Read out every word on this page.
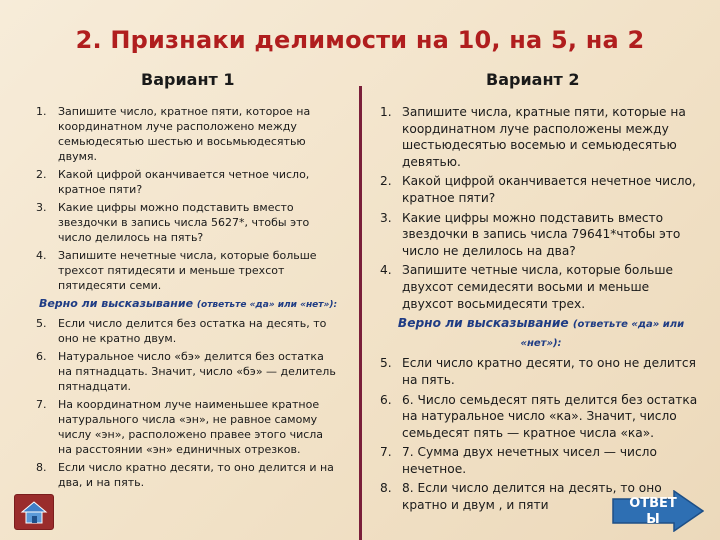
2. Признаки делимости на 10, на 5, на 2
Вариант 1	Вариант 2
1.	Запишите число, кратное пяти, которое на координатном луче расположено между семьюдесятью шестью и восьмьюдесятью двумя.
2.	Какой цифрой оканчивается четное число, кратное пяти?
3.	Какие цифры можно подставить вместо звездочки в запись числа 5627*, чтобы это число делилось на пять?
4.	Запишите нечетные числа, которые больше трехсот пятидесяти и меньше трехсот пятидесяти семи.
Верно ли высказывание (ответьте «да» или «нет»):
5.	Если число делится без остатка на десять, то оно не кратно двум.
6.	Натуральное число «бэ» делится без остатка на пятнадцать. Значит, число «бэ» — делитель пятнадцати.
7.	На координатном луче наименьшее кратное натурального числа «эн», не равное самому числу «эн», расположено правее этого числа на расстоянии «эн» единичных отрезков.
8.	Если число кратно десяти, то оно делится и на два, и на пять.
1. Запишите числа, кратные пяти, которые на координатном луче расположены между шестьюдесятью восемью и семьюдесятью девятью.
2. Какой цифрой оканчивается нечетное число, кратное пяти?
3. Какие цифры можно подставить вместо звездочки в запись числа 79641*чтобы это число не делилось на два?
4. Запишите четные числа, которые больше двухсот семидесяти восьми и меньше двухсот восьмидесяти трех.
Верно ли высказывание (ответьте «да» или «нет»):
5. Если число кратно десяти, то оно не делится на пять.
6. 6. Число семьдесят пять делится без остатка на натуральное число «ка». Значит, число семьдесят пять — кратное числа «ка».
7. 7. Сумма двух нечетных чисел — число нечетное.
8. 8. Если число делится на десять, то оно кратно и двум , и пяти	ОТВЕТ
Ы
